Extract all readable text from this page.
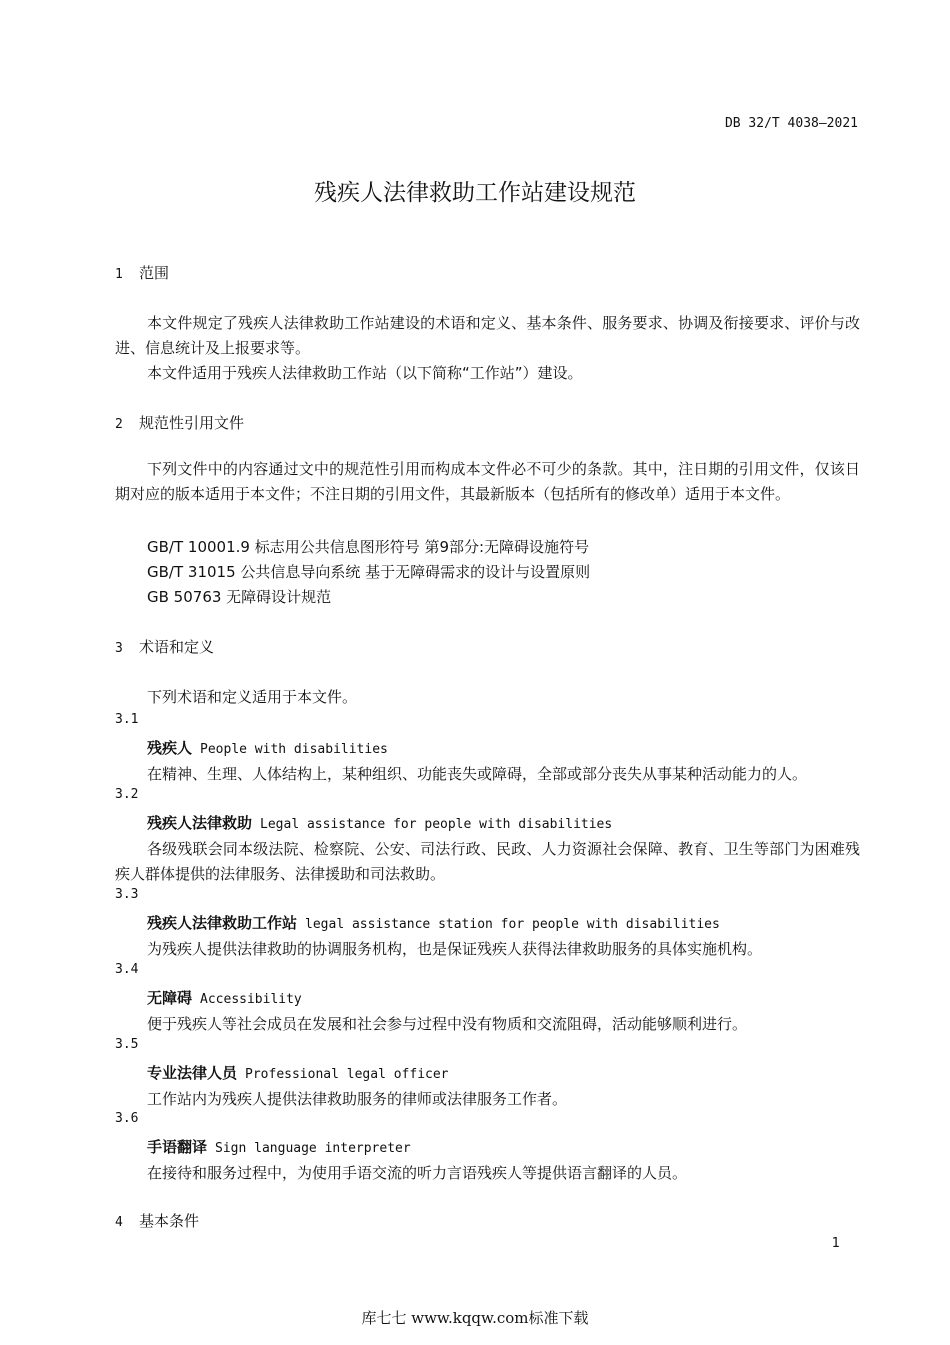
DB 32/T 4038—2021
残疾人法律救助工作站建设规范
1 范围
本文件规定了残疾人法律救助工作站建设的术语和定义、基本条件、服务要求、协调及衔接要求、评价与改进、信息统计及上报要求等。
本文件适用于残疾人法律救助工作站（以下简称“工作站”）建设。
2 规范性引用文件
下列文件中的内容通过文中的规范性引用而构成本文件必不可少的条款。其中，注日期的引用文件，仅该日期对应的版本适用于本文件；不注日期的引用文件，其最新版本（包括所有的修改单）适用于本文件。
GB/T 10001.9 标志用公共信息图形符号 第9部分:无障碍设施符号
GB/T 31015 公共信息导向系统 基于无障碍需求的设计与设置原则
GB 50763 无障碍设计规范
3 术语和定义
下列术语和定义适用于本文件。
3.1
残疾人 People with disabilities
在精神、生理、人体结构上，某种组织、功能丧失或障碍，全部或部分丧失从事某种活动能力的人。
3.2
残疾人法律救助 Legal assistance for people with disabilities
各级残联会同本级法院、检察院、公安、司法行政、民政、人力资源社会保障、教育、卫生等部门为困难残疾人群体提供的法律服务、法律援助和司法救助。
3.3
残疾人法律救助工作站 legal assistance station for people with disabilities
为残疾人提供法律救助的协调服务机构，也是保证残疾人获得法律救助服务的具体实施机构。
3.4
无障碍 Accessibility
便于残疾人等社会成员在发展和社会参与过程中没有物质和交流阻碍，活动能够顺利进行。
3.5
专业法律人员 Professional legal officer
工作站内为残疾人提供法律救助服务的律师或法律服务工作者。
3.6
手语翻译 Sign language interpreter
在接待和服务过程中，为使用手语交流的听力言语残疾人等提供语言翻译的人员。
4 基本条件
1
库七七 www.kqqw.com标准下载
